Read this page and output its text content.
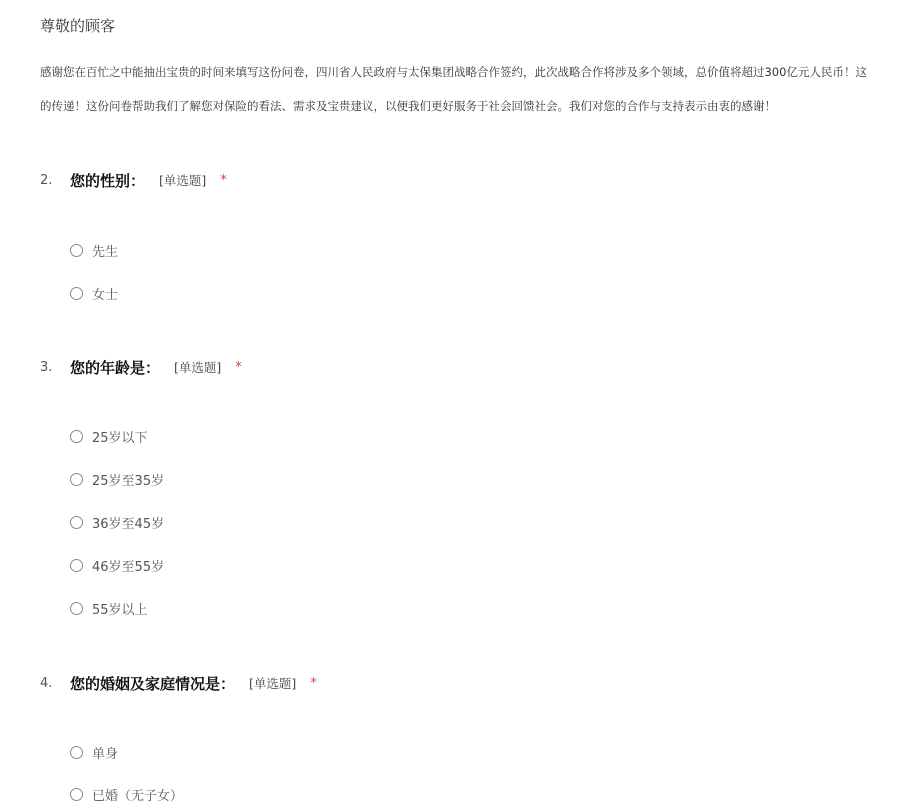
尊敬的顾客
感谢您在百忙之中能抽出宝贵的时间来填写这份问卷，四川省人民政府与太保集团战略合作签约，此次战略合作将涉及多个领域，总价值将超过300亿元人民币！这
的传递！这份问卷帮助我们了解您对保险的看法、需求及宝贵建议，以便我们更好服务于社会回馈社会。我们对您的合作与支持表示由衷的感谢！
2.	您的性别： [单选题] *
先生
女士
3.	您的年龄是： [单选题] *
25岁以下
25岁至35岁
36岁至45岁
46岁至55岁
55岁以上
4.	您的婚姻及家庭情况是： [单选题] *
单身
已婚（无子女）
